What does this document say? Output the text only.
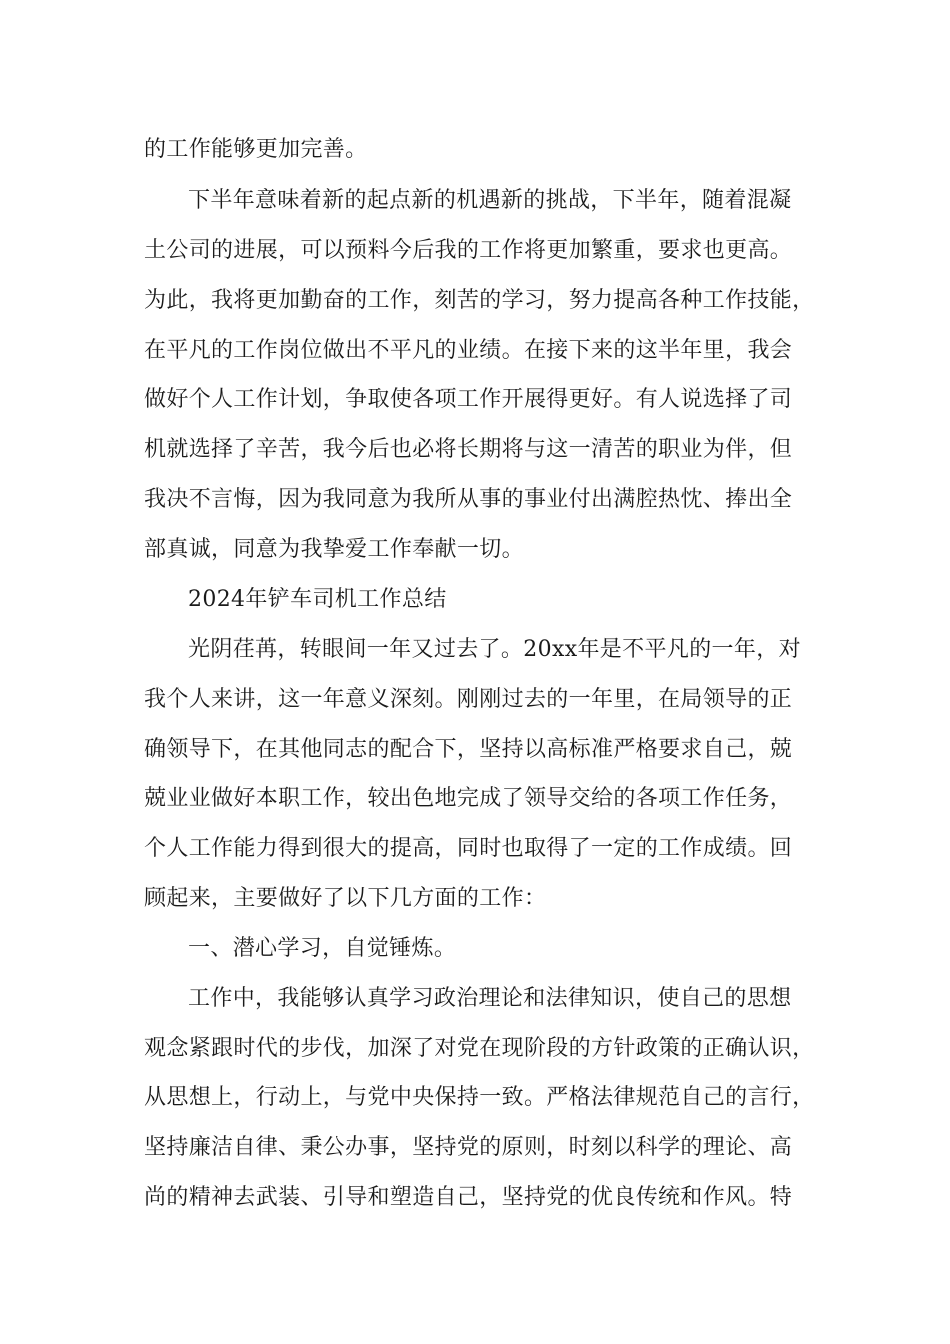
的工作能够更加完善。
下半年意味着新的起点新的机遇新的挑战，下半年，随着混凝
土公司的进展，可以预料今后我的工作将更加繁重，要求也更高。
为此，我将更加勤奋的工作，刻苦的学习，努力提高各种工作技能，
在平凡的工作岗位做出不平凡的业绩。在接下来的这半年里，我会
做好个人工作计划，争取使各项工作开展得更好。有人说选择了司
机就选择了辛苦，我今后也必将长期将与这一清苦的职业为伴，但
我决不言悔，因为我同意为我所从事的事业付出满腔热忱、捧出全
部真诚，同意为我挚爱工作奉献一切。
2024年铲车司机工作总结
光阴荏苒，转眼间一年又过去了。20xx年是不平凡的一年，对
我个人来讲，这一年意义深刻。刚刚过去的一年里，在局领导的正
确领导下，在其他同志的配合下，坚持以高标准严格要求自己，兢
兢业业做好本职工作，较出色地完成了领导交给的各项工作任务，
个人工作能力得到很大的提高，同时也取得了一定的工作成绩。回
顾起来，主要做好了以下几方面的工作：
一、潜心学习，自觉锤炼。
工作中，我能够认真学习政治理论和法律知识，使自己的思想
观念紧跟时代的步伐，加深了对党在现阶段的方针政策的正确认识，
从思想上，行动上，与党中央保持一致。严格法律规范自己的言行，
坚持廉洁自律、秉公办事，坚持党的原则，时刻以科学的理论、高
尚的精神去武装、引导和塑造自己，坚持党的优良传统和作风。特
